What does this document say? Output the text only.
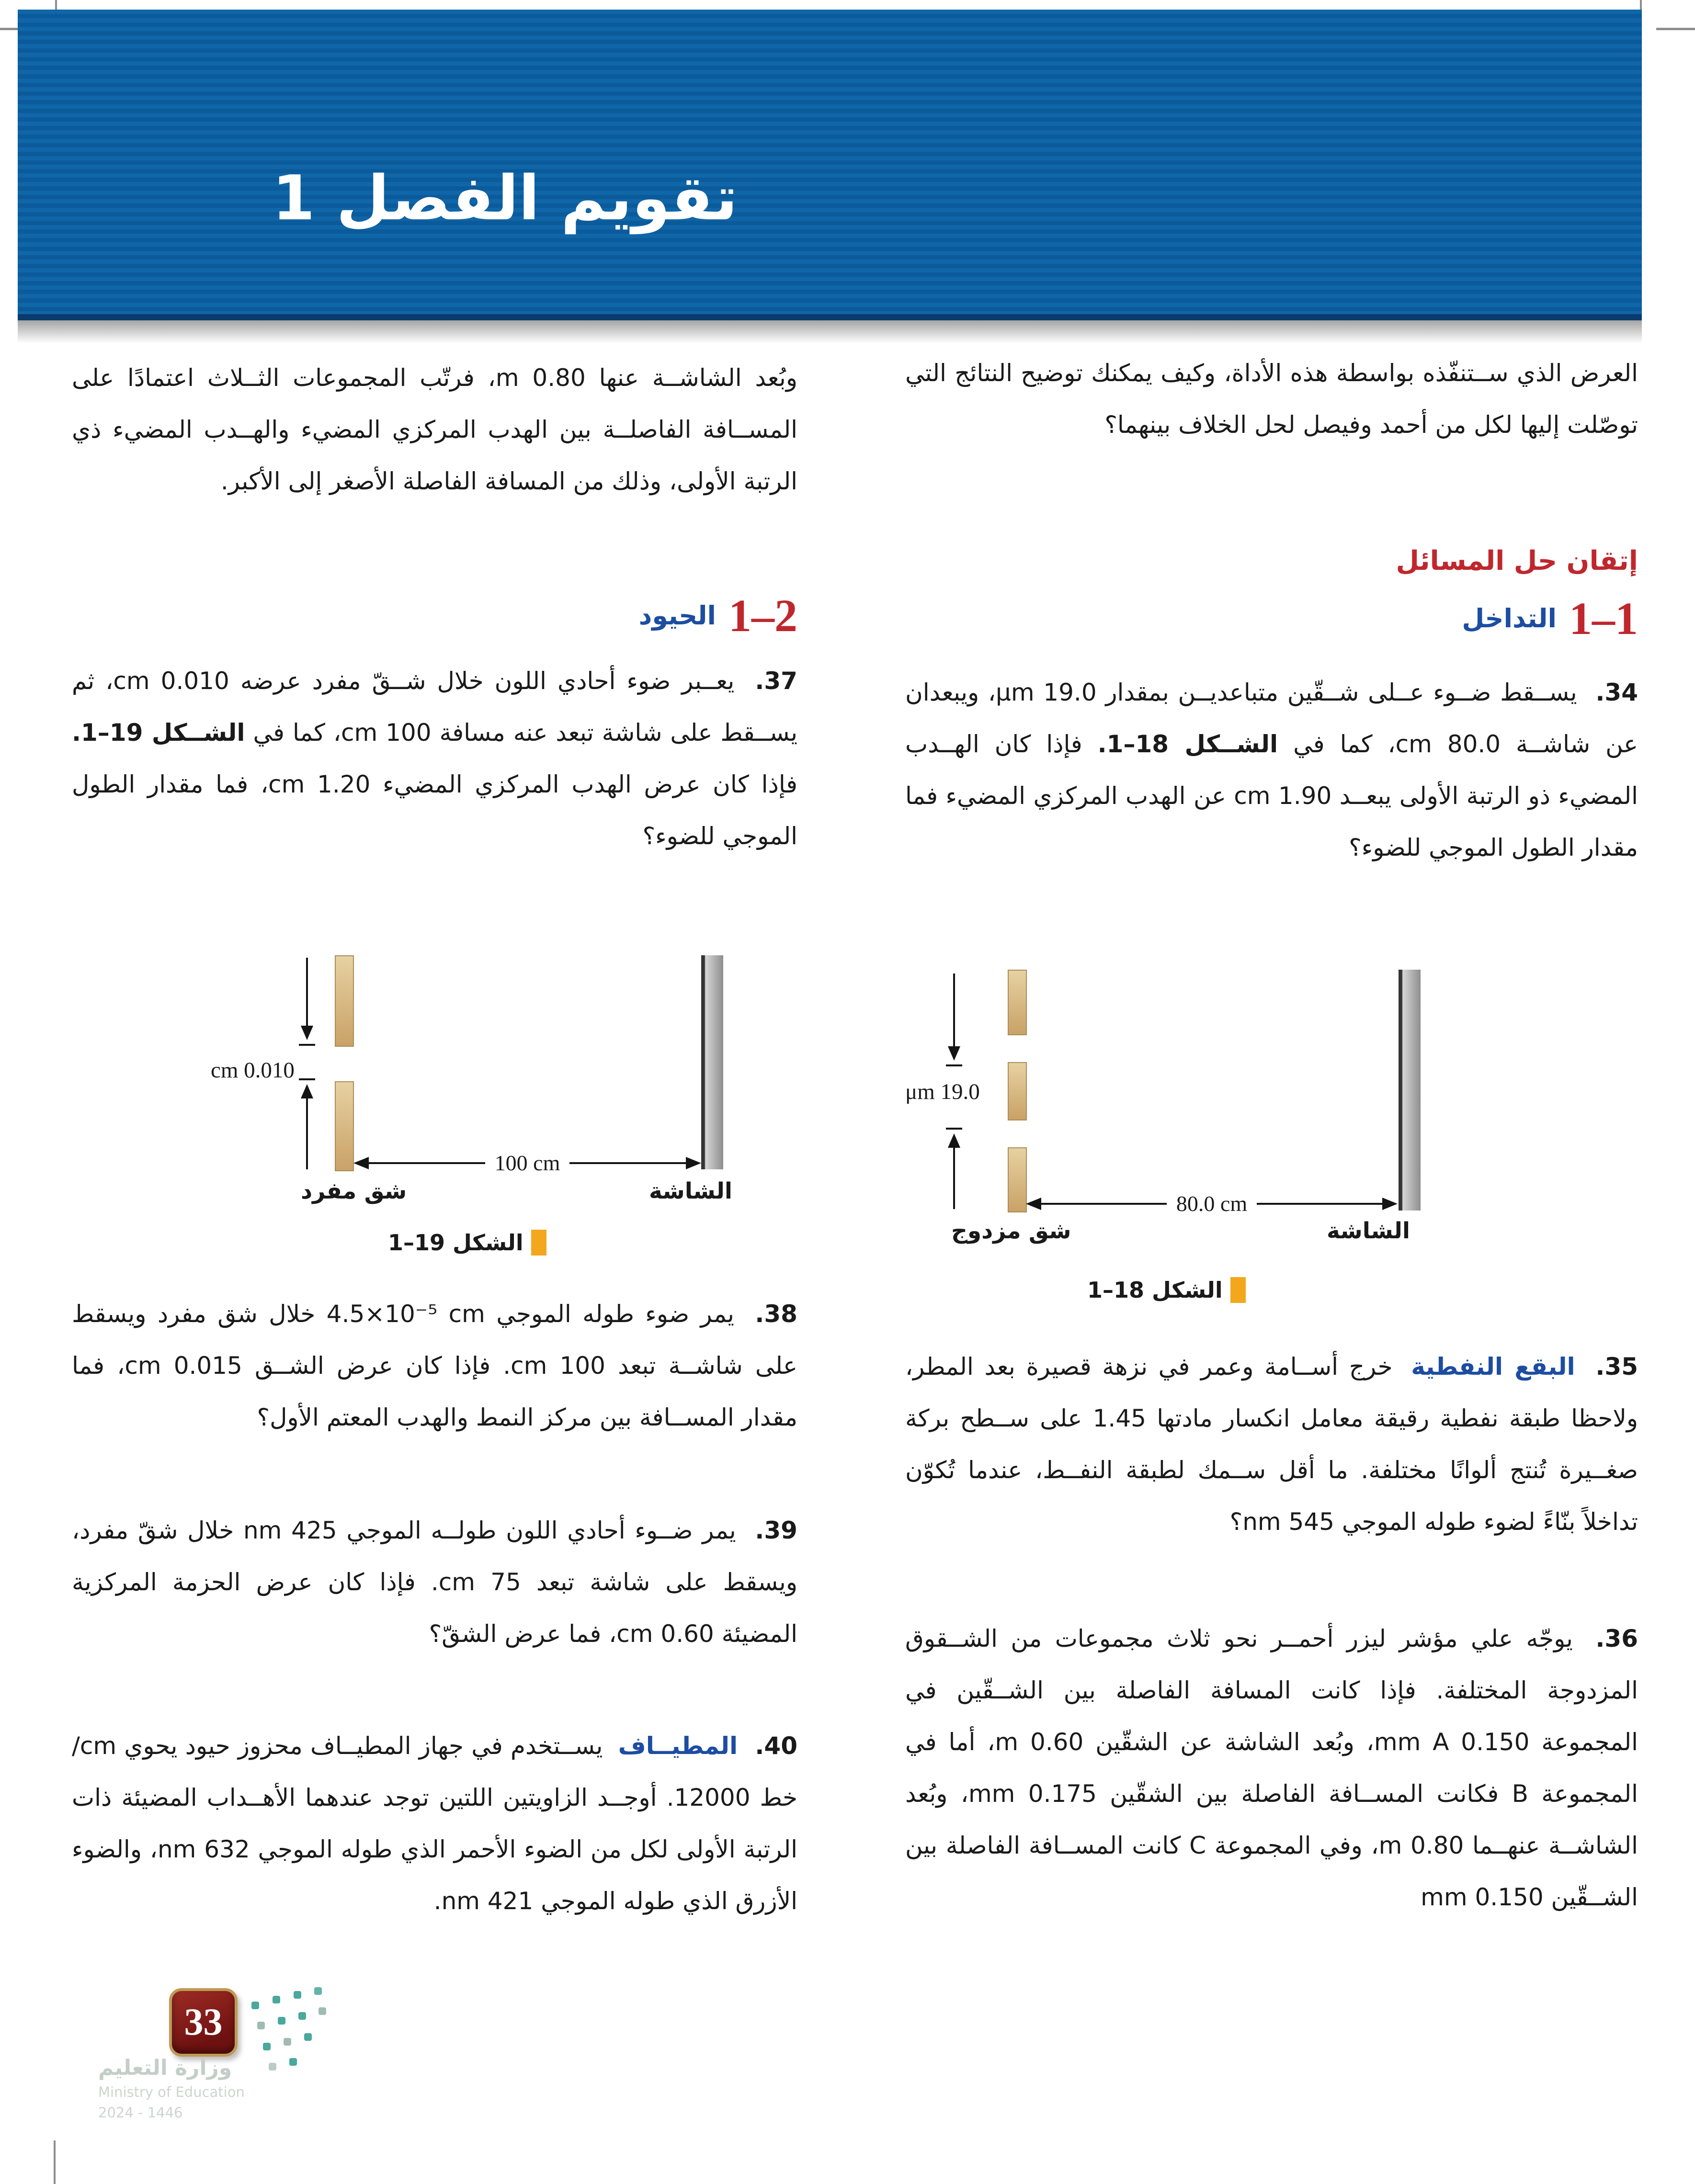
تقويم الفصل 1
العرض الذي ســتنفّذه بواسطة هذه الأداة، وكيف يمكنك توضيح النتائج التي توصّلت إليها لكل من أحمد وفيصل لحل الخلاف بينهما؟
إتقان حل المسائل
1–1
التداخل
34. يســقط ضــوء عــلى شــقّين متباعديــن بمقدار 19.0 μm، ويبعدان عن شاشــة 80.0 cm، كما في الشــكل 18–1. فإذا كان الهــدب المضيء ذو الرتبة الأولى يبعــد 1.90 cm عن الهدب المركزي المضيء فما مقدار الطول الموجي للضوء؟
19.0 μm
80.0 cm
شق مزدوج	الشاشة
الشكل 18–1
35. البقع النفطية خرج أســامة وعمر في نزهة قصيرة بعد المطر، ولاحظا طبقة نفطية رقيقة معامل انكسار مادتها 1.45 على ســطح بركة صغــيرة تُنتج ألوانًا مختلفة. ما أقل ســمك لطبقة النفــط، عندما تُكوّن تداخلاً بنّاءً لضوء طوله الموجي 545 nm؟
36. يوجّه علي مؤشر ليزر أحمــر نحو ثلاث مجموعات من الشــقوق المزدوجة المختلفة. فإذا كانت المسافة الفاصلة بين الشــقّين في المجموعة 0.150 mm A، وبُعد الشاشة عن الشقّين 0.60 m، أما في المجموعة B فكانت المســافة الفاصلة بين الشقّين 0.175 mm، وبُعد الشاشــة عنهــما 0.80 m، وفي المجموعة C كانت المســافة الفاصلة بين الشــقّين 0.150 mm
وبُعد الشاشــة عنها 0.80 m، فرتّب المجموعات الثــلاث اعتمادًا على المســافة الفاصلــة بين الهدب المركزي المضيء والهــدب المضيء ذي الرتبة الأولى، وذلك من المسافة الفاصلة الأصغر إلى الأكبر.
2–1
الحيود
37. يعــبر ضوء أحادي اللون خلال شــقّ مفرد عرضه 0.010 cm، ثم يســقط على شاشة تبعد عنه مسافة 100 cm، كما في الشــكل 19–1. فإذا كان عرض الهدب المركزي المضيء 1.20 cm، فما مقدار الطول الموجي للضوء؟
0.010 cm
100 cm
شق مفرد	الشاشة
الشكل 19–1
38. يمر ضوء طوله الموجي ⁦4.5×10⁻⁵ cm⁩ خلال شق مفرد ويسقط على شاشــة تبعد 100 cm. فإذا كان عرض الشــق 0.015 cm، فما مقدار المســافة بين مركز النمط والهدب المعتم الأول؟
39. يمر ضــوء أحادي اللون طولــه الموجي 425 nm خلال شقّ مفرد، ويسقط على شاشة تبعد 75 cm. فإذا كان عرض الحزمة المركزية المضيئة 0.60 cm، فما عرض الشقّ؟
40. المطيــاف يســتخدم في جهاز المطيــاف محزوز حيود يحوي cm/ خط 12000. أوجــد الزاويتين اللتين توجد عندهما الأهــداب المضيئة ذات الرتبة الأولى لكل من الضوء الأحمر الذي طوله الموجي 632 nm، والضوء الأزرق الذي طوله الموجي 421 nm.
33
وزارة التعليم
Ministry of Education
2024 - 1446
